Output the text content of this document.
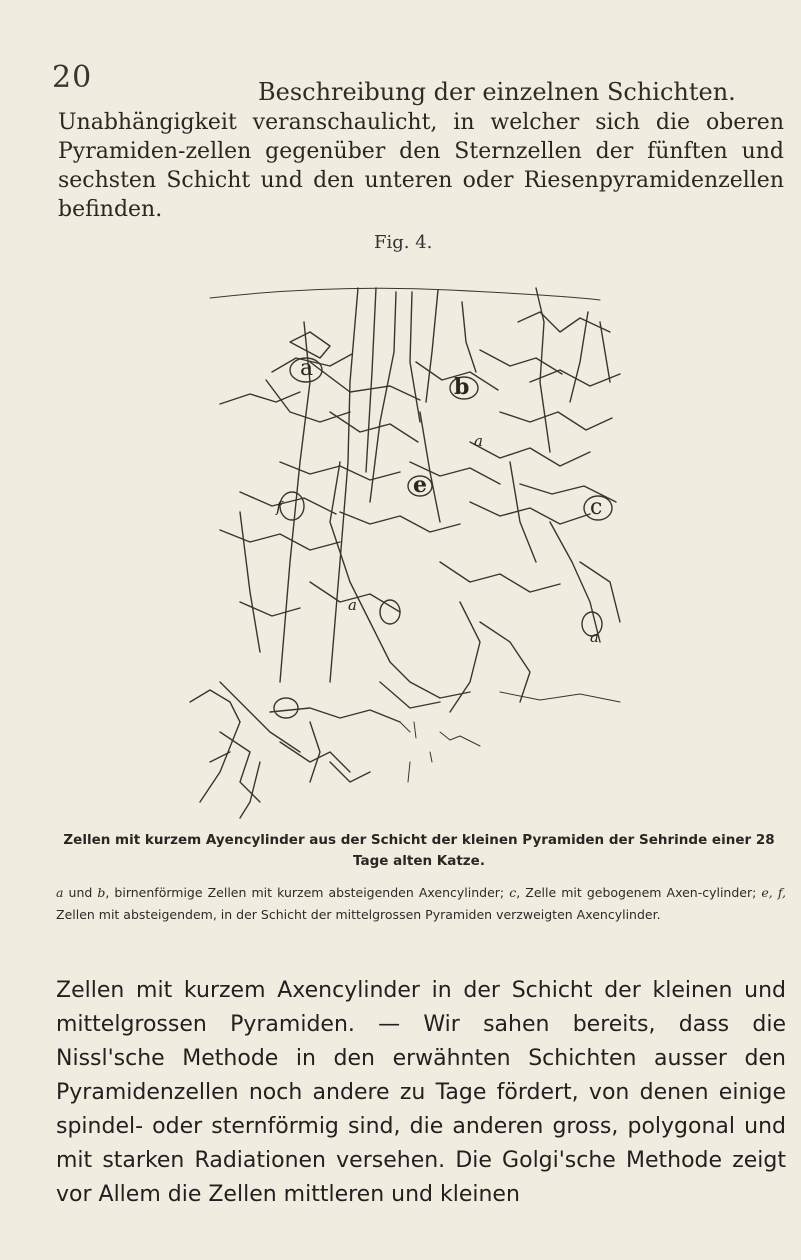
20	Beschreibung der einzelnen Schichten.

Unabhängigkeit veranschaulicht, in welcher sich die oberen Pyramiden-zellen gegenüber den Sternzellen der fünften und sechsten Schicht und den unteren oder Riesenpyramidenzellen befinden.

Fig. 4.
a
b
a
e
c
f
a
a

Zellen mit kurzem Ayencylinder aus der Schicht der kleinen Pyramiden der Sehrinde einer 28 Tage alten Katze.

a und b, birnenförmige Zellen mit kurzem absteigenden Axencylinder; c, Zelle mit gebogenem Axen-cylinder; e, f, Zellen mit absteigendem, in der Schicht der mittelgrossen Pyramiden verzweigten Axencylinder.

Zellen mit kurzem Axencylinder in der Schicht der kleinen und mittelgrossen Pyramiden. — Wir sahen bereits, dass die Nissl'sche Methode in den erwähnten Schichten ausser den Pyramidenzellen noch andere zu Tage fördert, von denen einige spindel- oder sternförmig sind, die anderen gross, polygonal und mit starken Radiationen versehen. Die Golgi'sche Methode zeigt vor Allem die Zellen mittleren und kleinen
